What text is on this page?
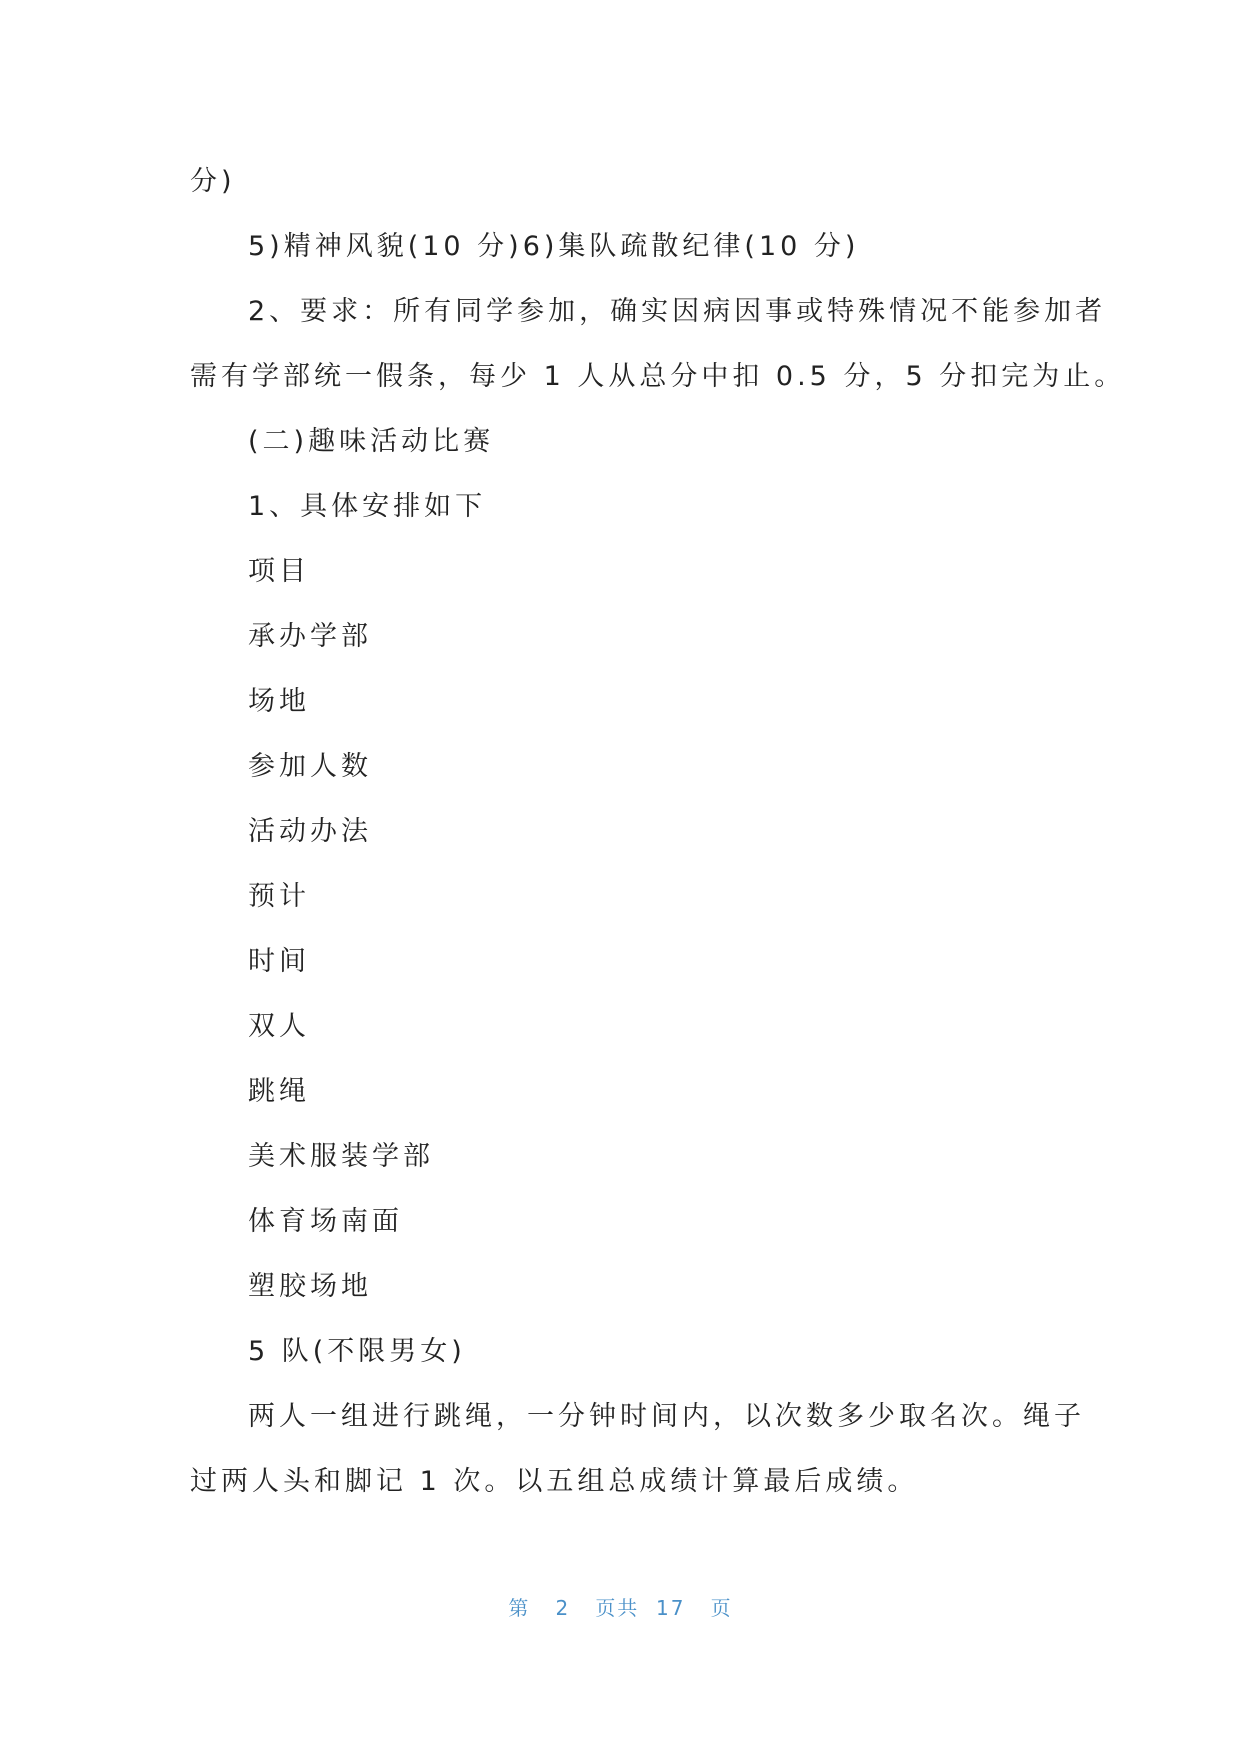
分)
5)精神风貌(10 分)6)集队疏散纪律(10 分)
2、要求：所有同学参加，确实因病因事或特殊情况不能参加者
需有学部统一假条，每少 1 人从总分中扣 0.5 分，5 分扣完为止。
(二)趣味活动比赛
1、具体安排如下
项目
承办学部
场地
参加人数
活动办法
预计
时间
双人
跳绳
美术服装学部
体育场南面
塑胶场地
5 队(不限男女)
两人一组进行跳绳，一分钟时间内，以次数多少取名次。绳子
过两人头和脚记 1 次。以五组总成绩计算最后成绩。
第 2 页共 17 页
